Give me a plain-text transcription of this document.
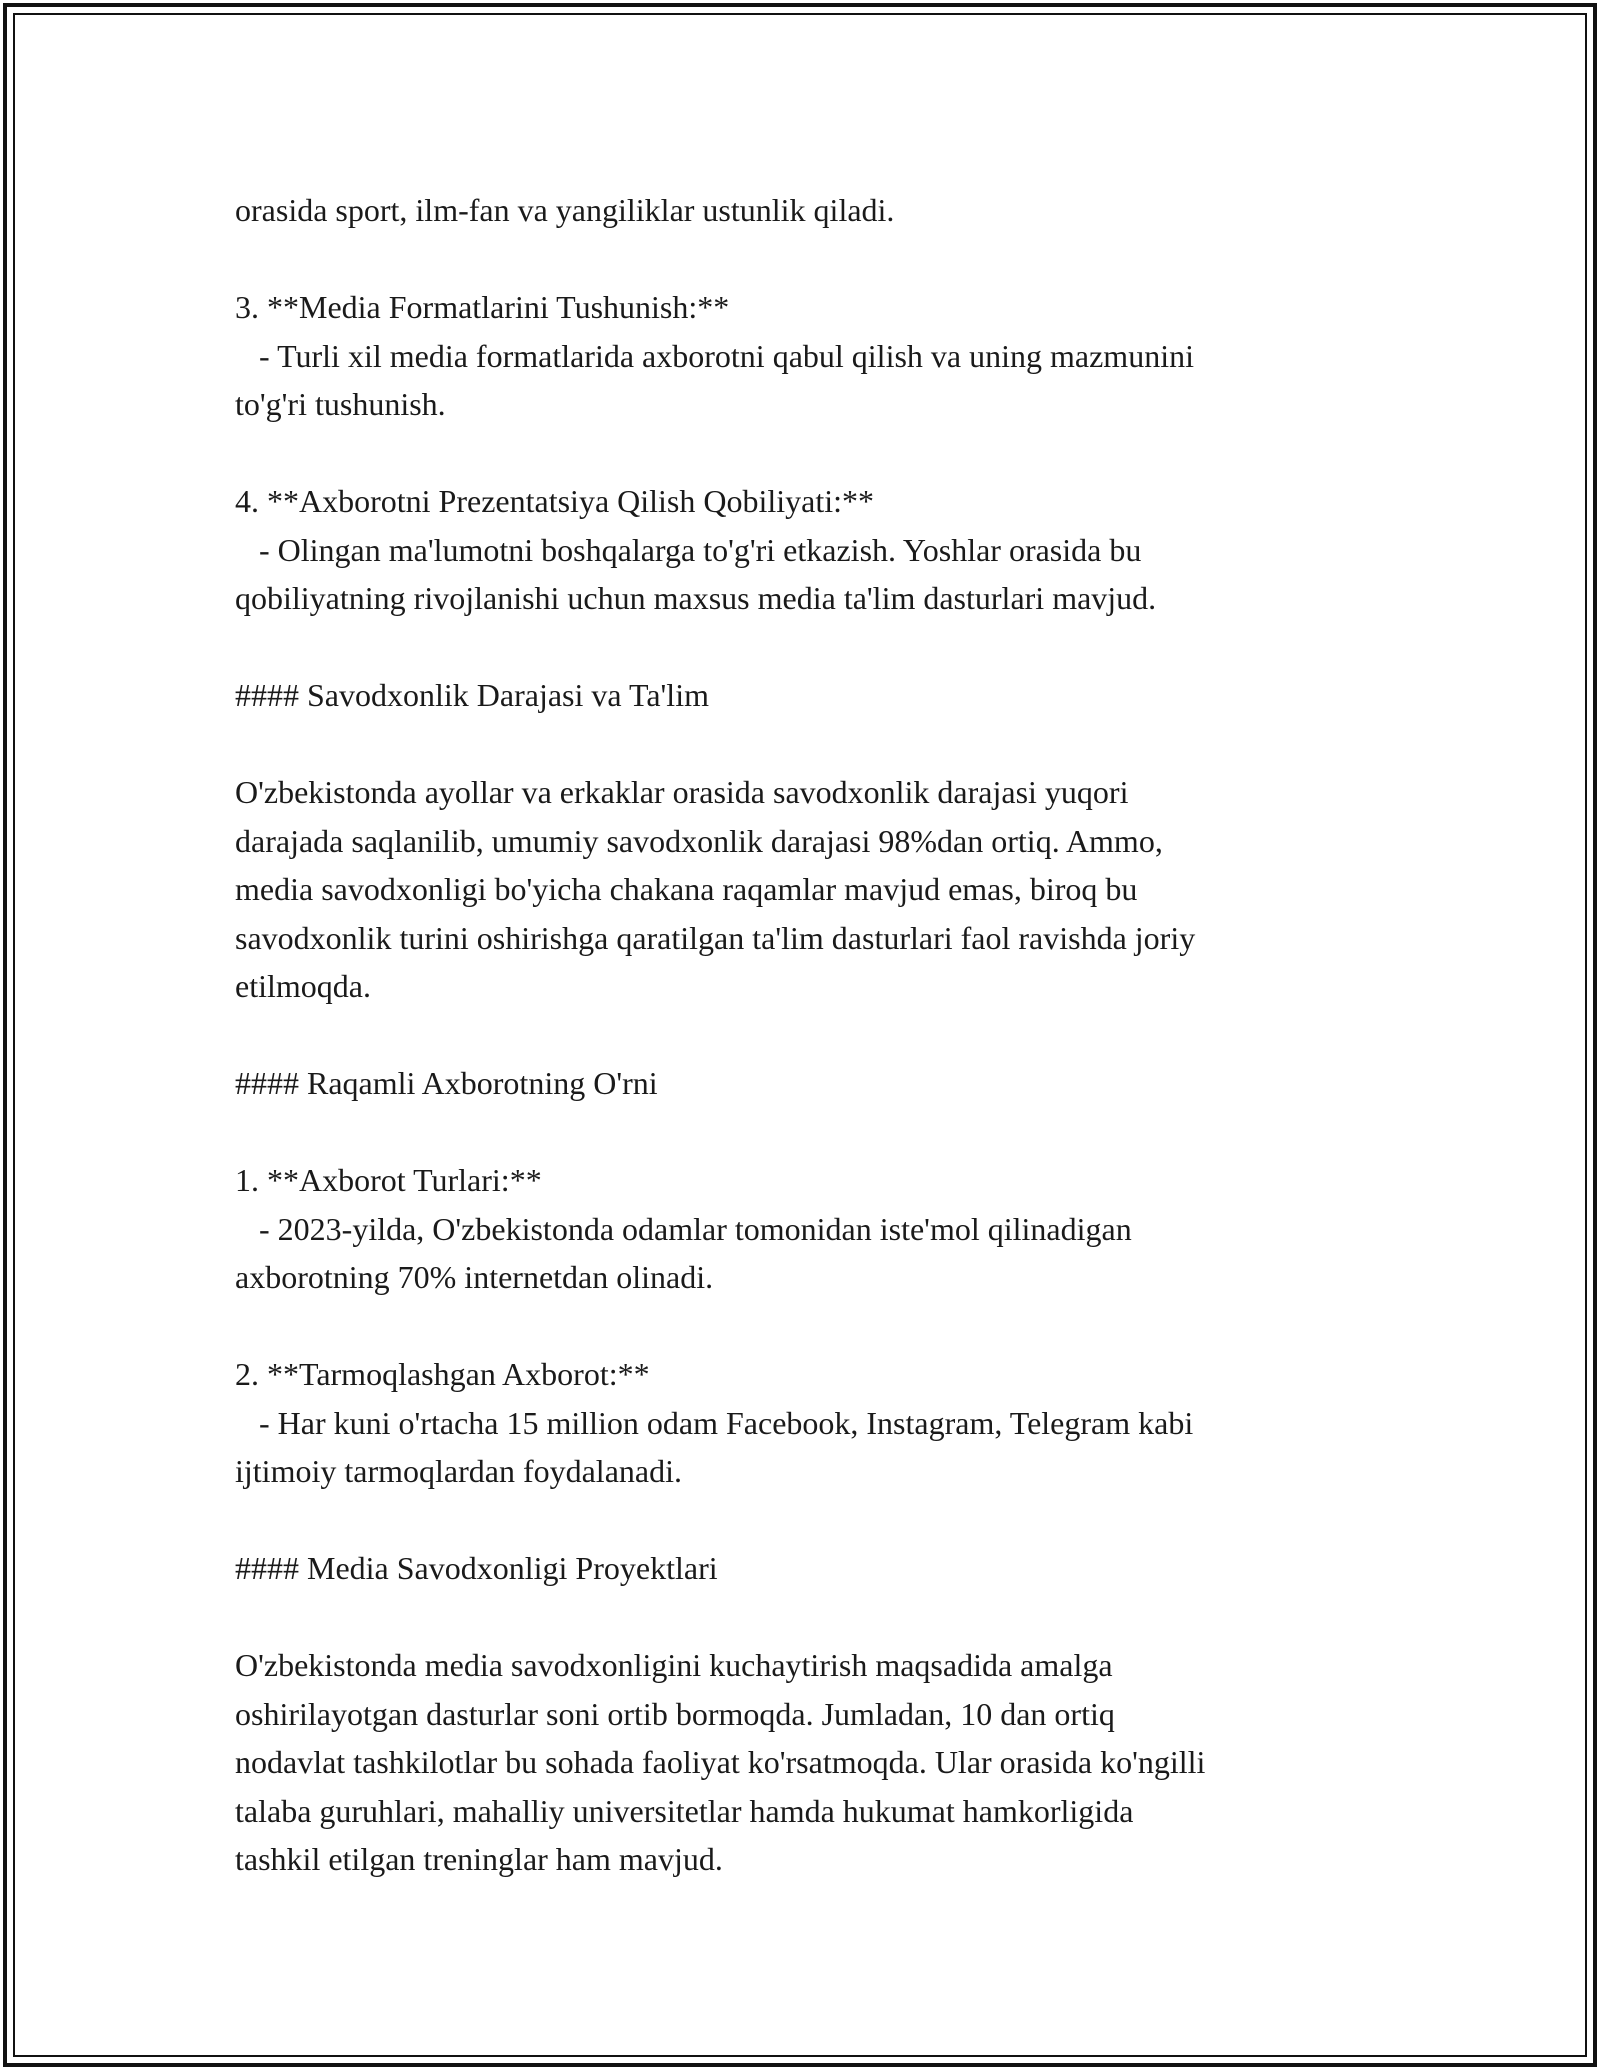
orasida sport, ilm-fan va yangiliklar ustunlik qiladi.
3. **Media Formatlarini Tushunish:**
- Turli xil media formatlarida axborotni qabul qilish va uning mazmunini
to'g'ri tushunish.
4. **Axborotni Prezentatsiya Qilish Qobiliyati:**
- Olingan ma'lumotni boshqalarga to'g'ri etkazish. Yoshlar orasida bu
qobiliyatning rivojlanishi uchun maxsus media ta'lim dasturlari mavjud.
#### Savodxonlik Darajasi va Ta'lim
O'zbekistonda ayollar va erkaklar orasida savodxonlik darajasi yuqori
darajada saqlanilib, umumiy savodxonlik darajasi 98%dan ortiq. Ammo,
media savodxonligi bo'yicha chakana raqamlar mavjud emas, biroq bu
savodxonlik turini oshirishga qaratilgan ta'lim dasturlari faol ravishda joriy
etilmoqda.
#### Raqamli Axborotning O'rni
1. **Axborot Turlari:**
- 2023-yilda, O'zbekistonda odamlar tomonidan iste'mol qilinadigan
axborotning 70% internetdan olinadi.
2. **Tarmoqlashgan Axborot:**
- Har kuni o'rtacha 15 million odam Facebook, Instagram, Telegram kabi
ijtimoiy tarmoqlardan foydalanadi.
#### Media Savodxonligi Proyektlari
O'zbekistonda media savodxonligini kuchaytirish maqsadida amalga
oshirilayotgan dasturlar soni ortib bormoqda. Jumladan, 10 dan ortiq
nodavlat tashkilotlar bu sohada faoliyat ko'rsatmoqda. Ular orasida ko'ngilli
talaba guruhlari, mahalliy universitetlar hamda hukumat hamkorligida
tashkil etilgan treninglar ham mavjud.
